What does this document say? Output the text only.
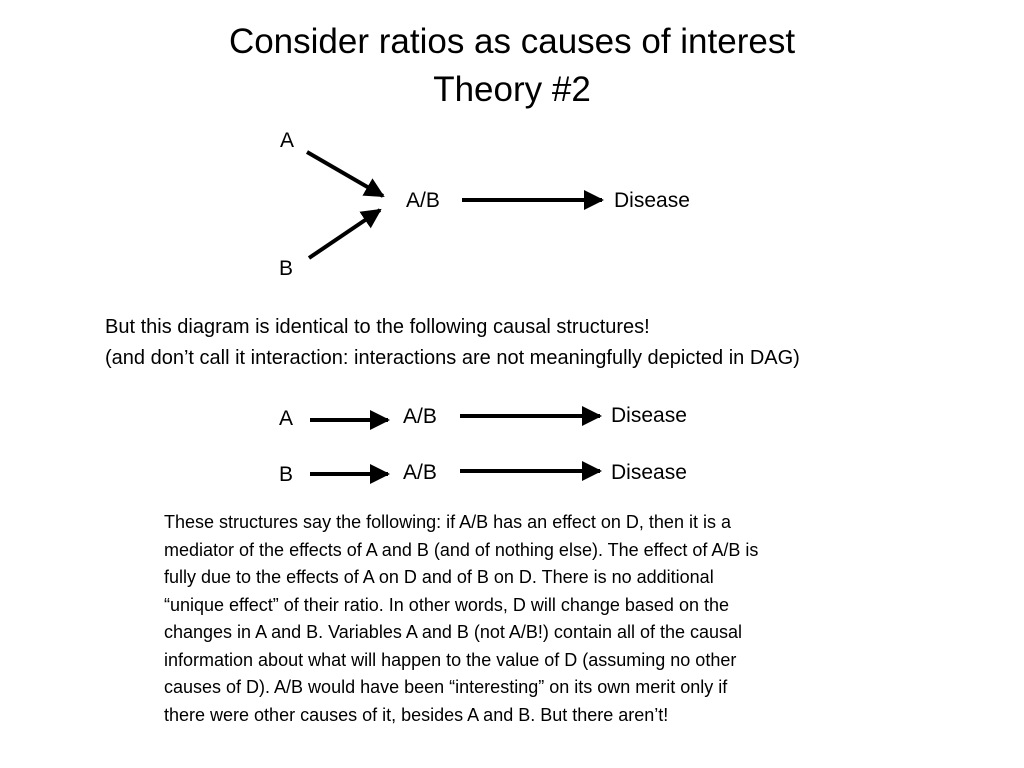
Consider ratios as causes of interest
Theory #2
A
B
A/B	Disease
But this diagram is identical to the following causal structures!
(and don’t call it interaction: interactions are not meaningfully depicted in DAG)
A	A/B	Disease
B	A/B	Disease
These structures say the following: if A/B has an effect on D, then it is a
mediator of the effects of A and B (and of nothing else). The effect of A/B is
fully due to the effects of A on D and of B on D. There is no additional
“unique effect” of their ratio. In other words, D will change based on the
changes in A and B. Variables A and B (not A/B!) contain all of the causal
information about what will happen to the value of D (assuming no other
causes of D). A/B would have been “interesting” on its own merit only if
there were other causes of it, besides A and B. But there aren’t!
